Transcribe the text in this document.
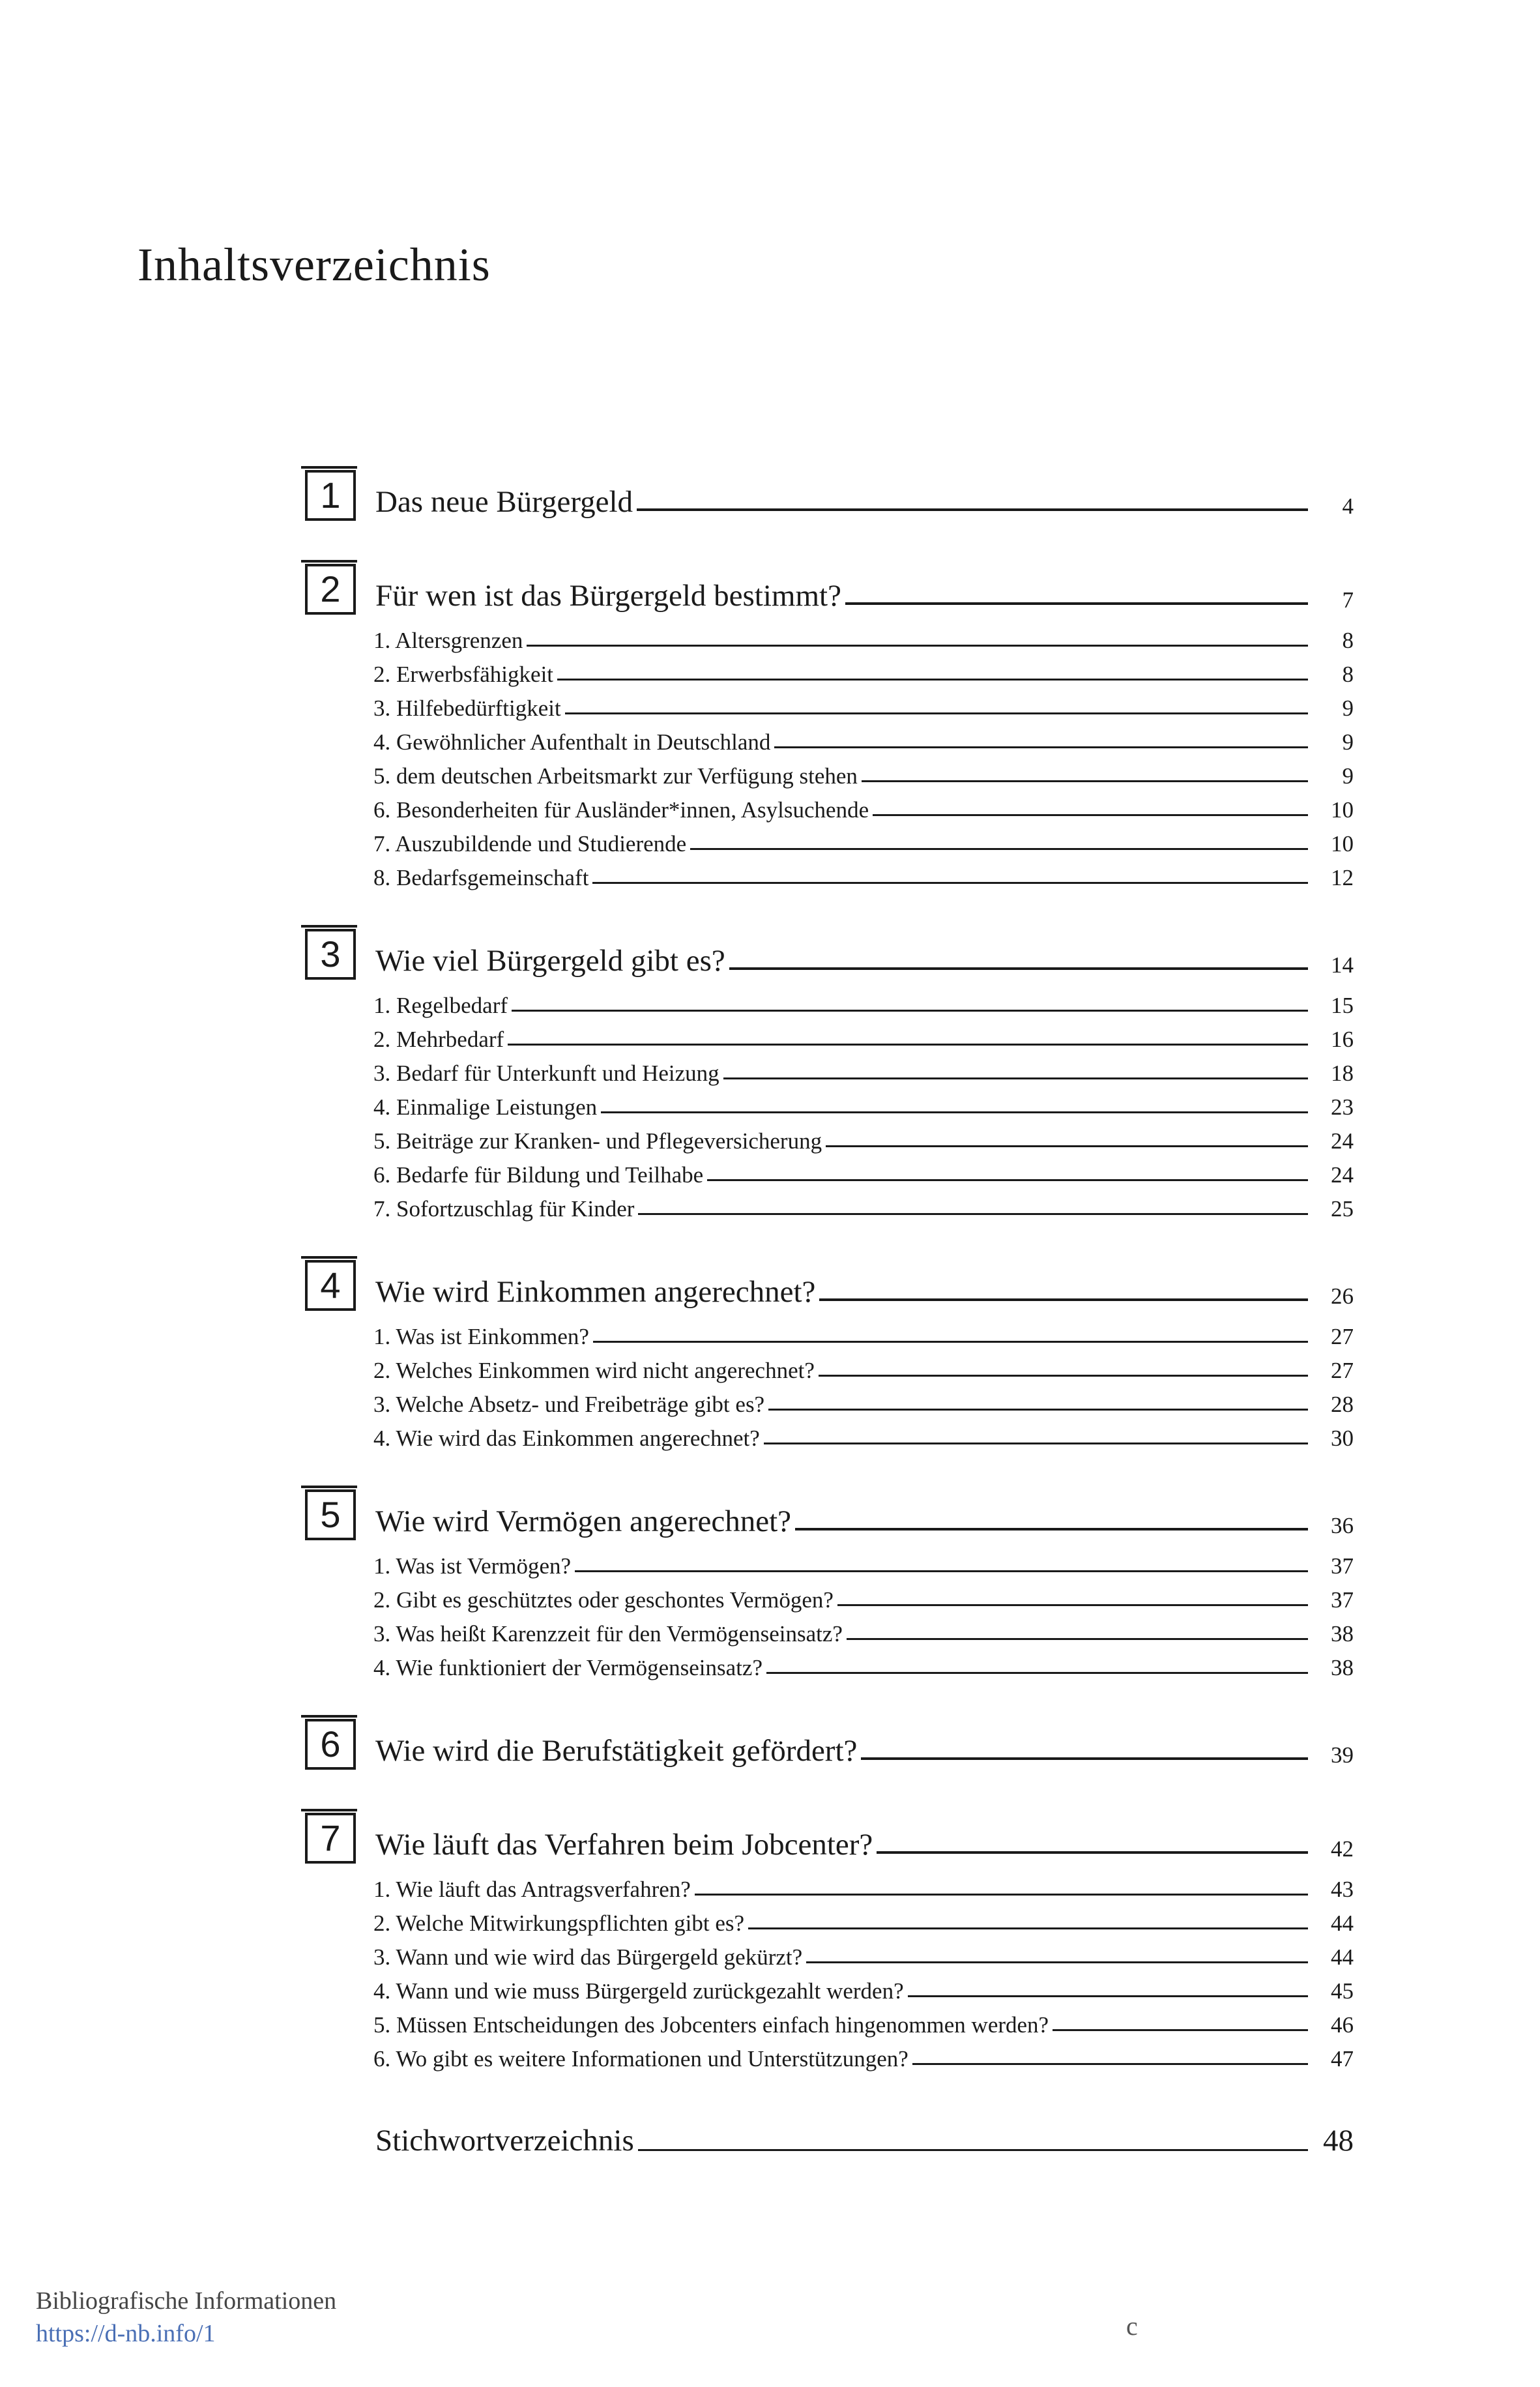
Inhaltsverzeichnis
1	Das neue Bürgergeld	4
2	Für wen ist das Bürgergeld bestimmt?	7
1. Altersgrenzen	8
2. Erwerbsfähigkeit	8
3. Hilfebedürftigkeit	9
4. Gewöhnlicher Aufenthalt in Deutschland	9
5. dem deutschen Arbeitsmarkt zur Verfügung stehen	9
6. Besonderheiten für Ausländer*innen, Asylsuchende	10
7. Auszubildende und Studierende	10
8. Bedarfsgemeinschaft	12
3	Wie viel Bürgergeld gibt es?	14
1. Regelbedarf	15
2. Mehrbedarf	16
3. Bedarf für Unterkunft und Heizung	18
4. Einmalige Leistungen	23
5. Beiträge zur Kranken- und Pflegeversicherung	24
6. Bedarfe für Bildung und Teilhabe	24
7. Sofortzuschlag für Kinder	25
4	Wie wird Einkommen angerechnet?	26
1. Was ist Einkommen?	27
2. Welches Einkommen wird nicht angerechnet?	27
3. Welche Absetz- und Freibeträge gibt es?	28
4. Wie wird das Einkommen angerechnet?	30
5	Wie wird Vermögen angerechnet?	36
1. Was ist Vermögen?	37
2. Gibt es geschütztes oder geschontes Vermögen?	37
3. Was heißt Karenzzeit für den Vermögenseinsatz?	38
4. Wie funktioniert der Vermögenseinsatz?	38
6	Wie wird die Berufstätigkeit gefördert?	39
7	Wie läuft das Verfahren beim Jobcenter?	42
1. Wie läuft das Antragsverfahren?	43
2. Welche Mitwirkungspflichten gibt es?	44
3. Wann und wie wird das Bürgergeld gekürzt?	44
4. Wann und wie muss Bürgergeld zurückgezahlt werden?	45
5. Müssen Entscheidungen des Jobcenters einfach hingenommen werden?	46
6. Wo gibt es weitere Informationen und Unterstützungen?	47
Stichwortverzeichnis	48
Bibliografische Informationen
https://d-nb.info/1	c
